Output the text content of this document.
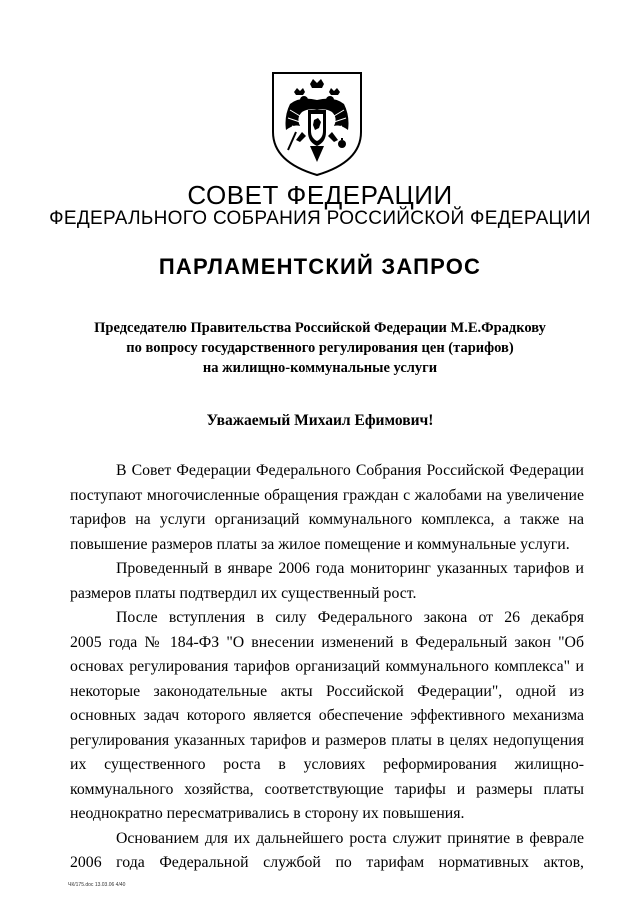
СОВЕТ ФЕДЕРАЦИИ
ФЕДЕРАЛЬНОГО СОБРАНИЯ РОССИЙСКОЙ ФЕДЕРАЦИИ
ПАРЛАМЕНТСКИЙ ЗАПРОС
Председателю Правительства Российской Федерации М.Е.Фрадкову
по вопросу государственного регулирования цен (тарифов)
на жилищно-коммунальные услуги
Уважаемый Михаил Ефимович!
В Совет Федерации Федерального Собрания Российской Федерации
поступают многочисленные обращения граждан с жалобами на увеличение
тарифов на услуги организаций коммунального комплекса, а также на
повышение размеров платы за жилое помещение и коммунальные услуги.
Проведенный в январе 2006 года мониторинг указанных тарифов и
размеров платы подтвердил их существенный рост.
После вступления в силу Федерального закона от 26 декабря
2005 года № 184-ФЗ "О внесении изменений в Федеральный закон "Об
основах регулирования тарифов организаций коммунального комплекса" и
некоторые законодательные акты Российской Федерации", одной из
основных задач которого является обеспечение эффективного механизма
регулирования указанных тарифов и размеров платы в целях недопущения
их существенного роста в условиях реформирования жилищно-
коммунального хозяйства, соответствующие тарифы и размеры платы
неоднократно пересматривались в сторону их повышения.
Основанием для их дальнейшего роста служит принятие в феврале
2006 года Федеральной службой по тарифам нормативных актов,
ЧК/175.doc 13.03.06 4/40
